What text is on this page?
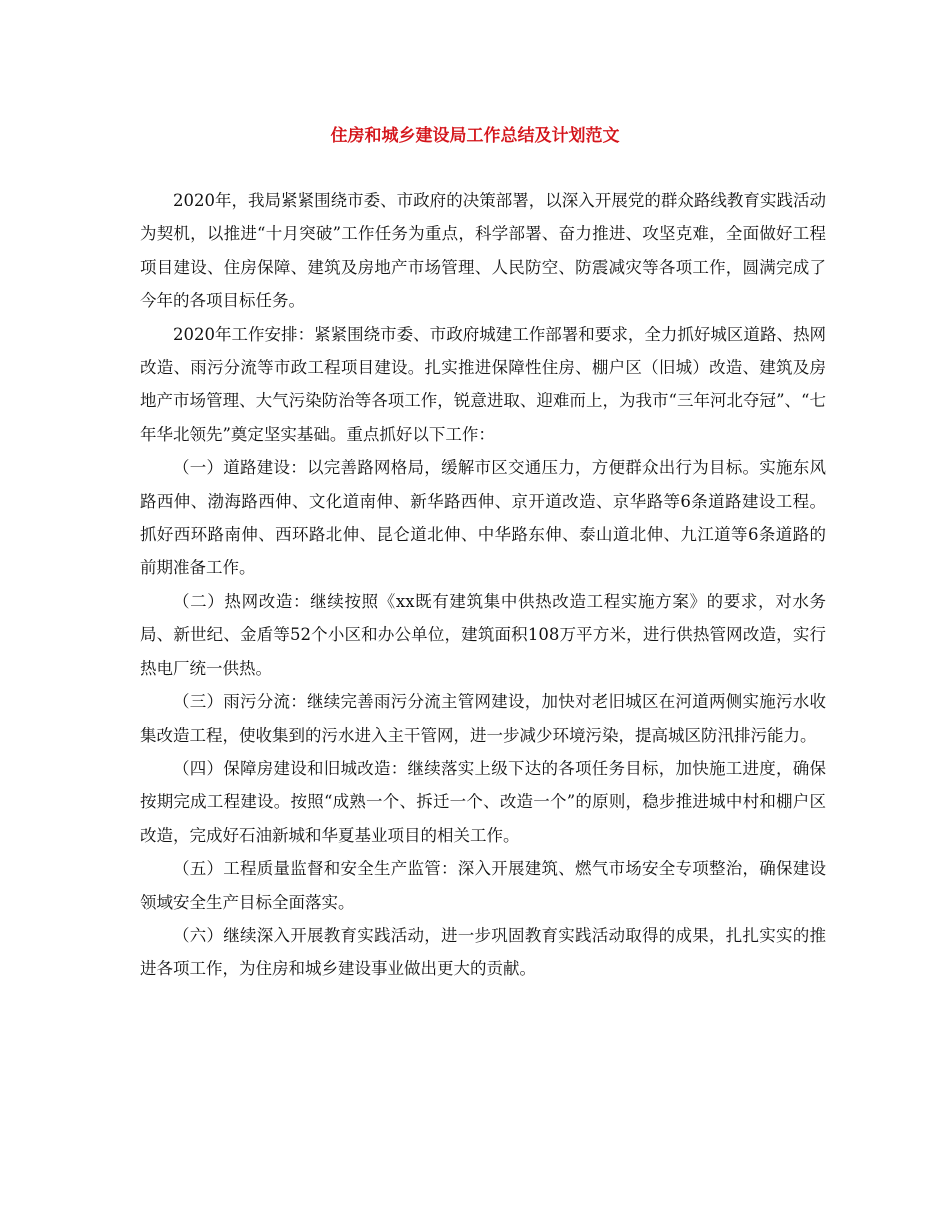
住房和城乡建设局工作总结及计划范文

2020年，我局紧紧围绕市委、市政府的决策部署，以深入开展党的群众路线教育实践活动为契机，以推进“十月突破”工作任务为重点，科学部署、奋力推进、攻坚克难，全面做好工程项目建设、住房保障、建筑及房地产市场管理、人民防空、防震减灾等各项工作，圆满完成了今年的各项目标任务。

2020年工作安排：紧紧围绕市委、市政府城建工作部署和要求，全力抓好城区道路、热网改造、雨污分流等市政工程项目建设。扎实推进保障性住房、棚户区（旧城）改造、建筑及房地产市场管理、大气污染防治等各项工作，锐意进取、迎难而上，为我市“三年河北夺冠”、“七年华北领先”奠定坚实基础。重点抓好以下工作：

（一）道路建设：以完善路网格局，缓解市区交通压力，方便群众出行为目标。实施东风路西伸、渤海路西伸、文化道南伸、新华路西伸、京开道改造、京华路等6条道路建设工程。抓好西环路南伸、西环路北伸、昆仑道北伸、中华路东伸、泰山道北伸、九江道等6条道路的前期准备工作。

（二）热网改造：继续按照《xx既有建筑集中供热改造工程实施方案》的要求，对水务局、新世纪、金盾等52个小区和办公单位，建筑面积108万平方米，进行供热管网改造，实行热电厂统一供热。

（三）雨污分流：继续完善雨污分流主管网建设，加快对老旧城区在河道两侧实施污水收集改造工程，使收集到的污水进入主干管网，进一步减少环境污染，提高城区防汛排污能力。

（四）保障房建设和旧城改造：继续落实上级下达的各项任务目标，加快施工进度，确保按期完成工程建设。按照“成熟一个、拆迁一个、改造一个”的原则，稳步推进城中村和棚户区改造，完成好石油新城和华夏基业项目的相关工作。

（五）工程质量监督和安全生产监管：深入开展建筑、燃气市场安全专项整治，确保建设领域安全生产目标全面落实。

（六）继续深入开展教育实践活动，进一步巩固教育实践活动取得的成果，扎扎实实的推进各项工作，为住房和城乡建设事业做出更大的贡献。
